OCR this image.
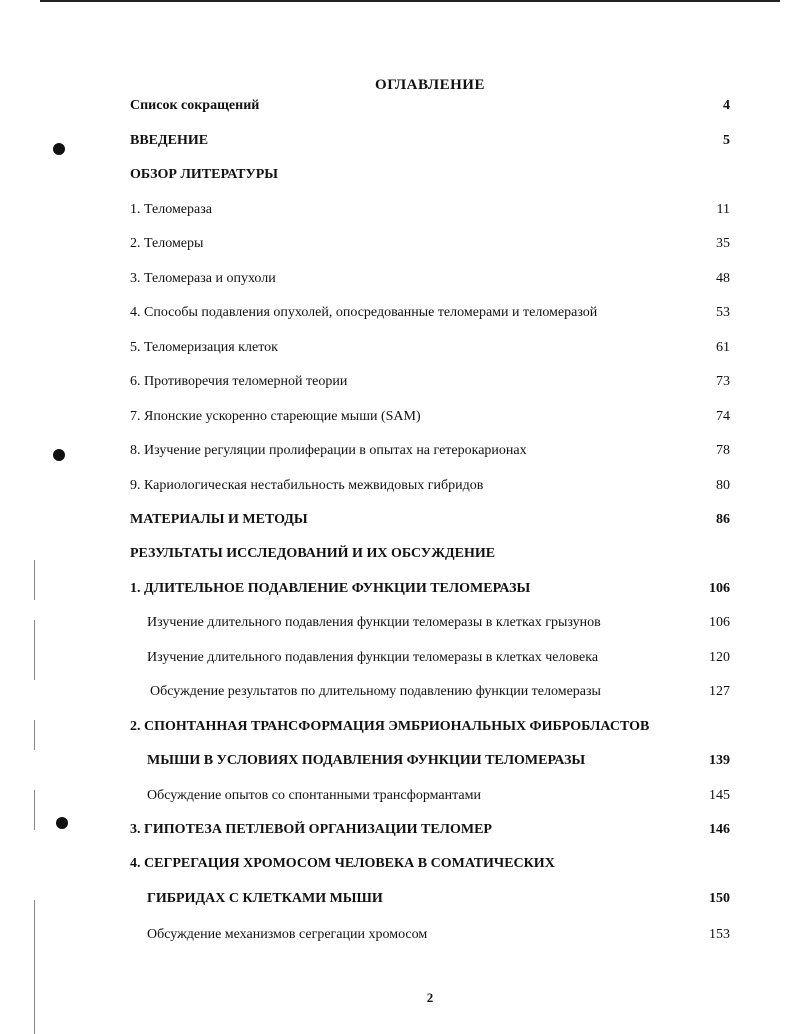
ОГЛАВЛЕНИЕ
Список сокращений	4
ВВЕДЕНИЕ	5
ОБЗОР ЛИТЕРАТУРЫ
1. Теломераза	11
2. Теломеры	35
3. Теломераза и опухоли	48
4. Способы подавления опухолей, опосредованные теломерами и теломеразой	53
5. Теломеризация клеток	61
6. Противоречия теломерной теории	73
7. Японские ускоренно стареющие мыши (SAM)	74
8. Изучение регуляции пролиферации в опытах на гетерокарионах	78
9. Кариологическая нестабильность межвидовых гибридов	80
МАТЕРИАЛЫ И МЕТОДЫ	86
РЕЗУЛЬТАТЫ ИССЛЕДОВАНИЙ И ИХ ОБСУЖДЕНИЕ
1. ДЛИТЕЛЬНОЕ ПОДАВЛЕНИЕ ФУНКЦИИ ТЕЛОМЕРАЗЫ	106
Изучение длительного подавления функции теломеразы в клетках грызунов	106
Изучение длительного подавления функции теломеразы в клетках человека	120
Обсуждение результатов по длительному подавлению функции теломеразы	127
2. СПОНТАННАЯ ТРАНСФОРМАЦИЯ ЭМБРИОНАЛЬНЫХ ФИБРОБЛАСТОВ
МЫШИ В УСЛОВИЯХ ПОДАВЛЕНИЯ ФУНКЦИИ ТЕЛОМЕРАЗЫ	139
Обсуждение опытов со спонтанными трансформантами	145
3. ГИПОТЕЗА ПЕТЛЕВОЙ ОРГАНИЗАЦИИ ТЕЛОМЕР	146
4. СЕГРЕГАЦИЯ ХРОМОСОМ ЧЕЛОВЕКА В СОМАТИЧЕСКИХ
ГИБРИДАХ С КЛЕТКАМИ МЫШИ	150
Обсуждение механизмов сегрегации хромосом	153
2
